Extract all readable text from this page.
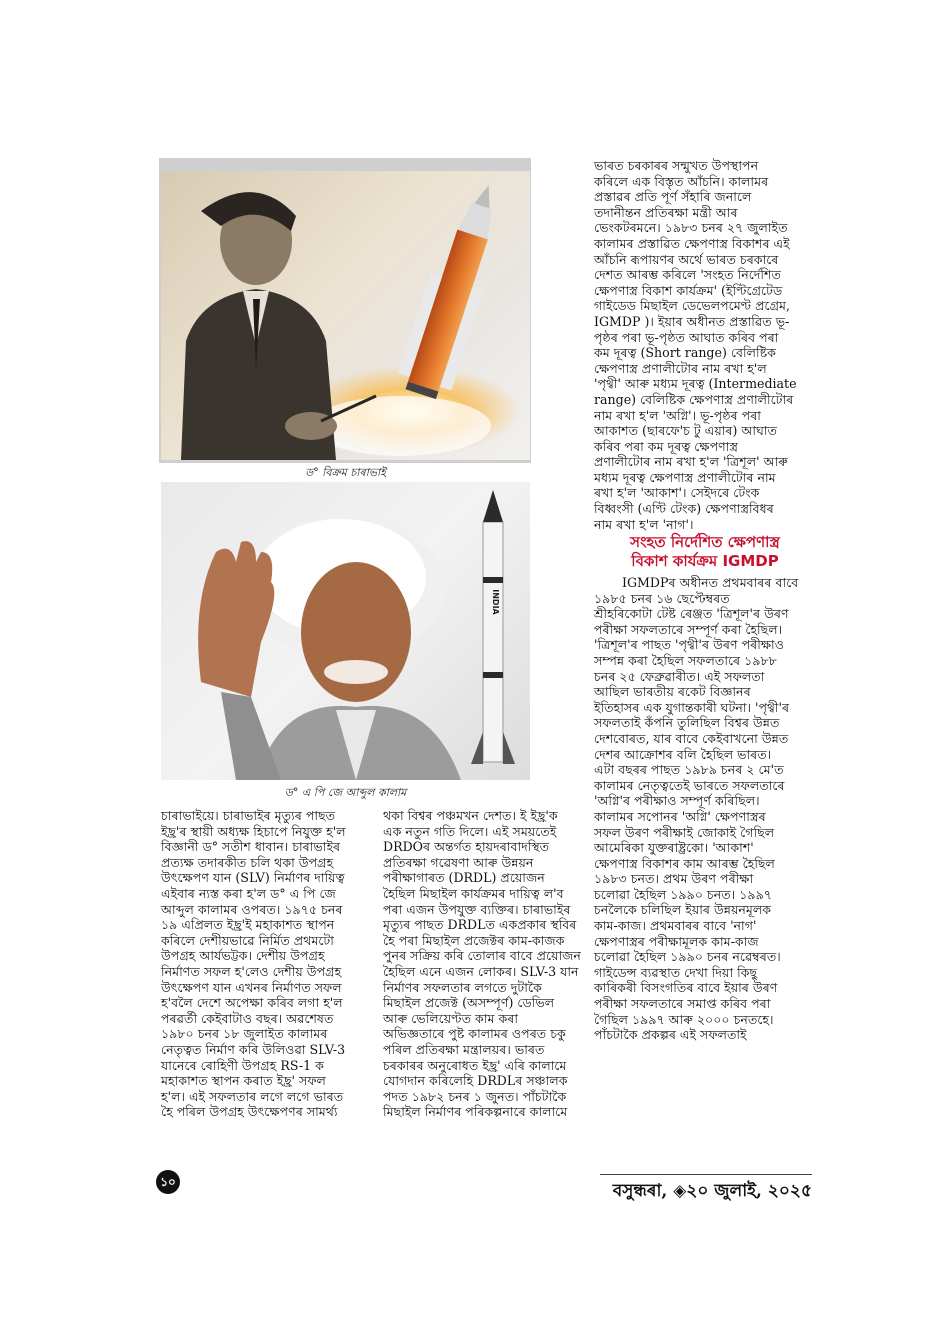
ড° বিক্ৰম চাৰাভাই
INDIA
ড° এ পি জে আব্দুল কালাম

ভাৰত চৰকাৰৰ সন্মুখত উপস্থাপন

কৰিলে এক বিস্তৃত আঁচনি। কালামৰ

প্ৰস্তাৱৰ প্ৰতি পূৰ্ণ সঁহাৰি জনালে

তদানীন্তন প্ৰতিৰক্ষা মন্ত্ৰী আৰ

ভেংকটৰমনে। ১৯৮৩ চনৰ ২৭ জুলাইত

কালামৰ প্ৰস্তাৱিত ক্ষেপণাস্ত্ৰ বিকাশৰ এই

আঁচনি ৰূপায়ণৰ অৰ্থে ভাৰত চৰকাৰে

দেশত আৰম্ভ কৰিলে 'সংহত নিৰ্দেশিত

ক্ষেপণাস্ত্ৰ বিকাশ কাৰ্যক্ৰম' (ইণ্টিগ্ৰেটেড

গাইডেড মিছাইল ডেভেলপমেণ্ট প্ৰগ্ৰেম,

IGMDP )। ইয়াৰ অধীনত প্ৰস্তাৱিত ভূ-

পৃষ্ঠৰ পৰা ভূ-পৃষ্ঠত আঘাত কৰিব পৰা

কম দূৰত্ব (Short range) বেলিষ্টিক

ক্ষেপণাস্ত্ৰ প্ৰণালীটোৰ নাম ৰখা হ'ল

'পৃথ্বী' আৰু মধ্যম দূৰত্ব (Intermediate

range) বেলিষ্টিক ক্ষেপণাস্ত্ৰ প্ৰণালীটোৰ

নাম ৰখা হ'ল 'অগ্নি'। ভূ-পৃষ্ঠৰ পৰা

আকাশত (ছাৰফে'চ টু এয়াৰ) আঘাত

কৰিব পৰা কম দূৰত্ব ক্ষেপণাস্ত্ৰ

প্ৰণালীটোৰ নাম ৰখা হ'ল 'ত্ৰিশূল' আৰু

মধ্যম দূৰত্ব ক্ষেপণাস্ত্ৰ প্ৰণালীটোৰ নাম

ৰখা হ'ল 'আকাশ'। সেইদৰে টেংক

বিধ্বংসী (এণ্টি টেংক) ক্ষেপণাস্ত্ৰবিধৰ

নাম ৰখা হ'ল 'নাগ'।

সংহত নিৰ্দেশিত ক্ষেপণাস্ত্ৰ
বিকাশ কাৰ্যক্ৰম IGMDP

IGMDPৰ অধীনত প্ৰথমবাৰৰ বাবে

১৯৮৫ চনৰ ১৬ ছেপ্টেম্বৰত

শ্ৰীহৰিকোটা টেষ্ট ৰেঞ্জত 'ত্ৰিশূল'ৰ উৰণ

পৰীক্ষা সফলতাৰে সম্পূৰ্ণ কৰা হৈছিল।

'ত্ৰিশূল'ৰ পাছত 'পৃথ্বী'ৰ উৰণ পৰীক্ষাও

সম্পন্ন কৰা হৈছিল সফলতাৰে ১৯৮৮

চনৰ ২৫ ফেব্ৰুৱাৰীত। এই সফলতা

আছিল ভাৰতীয় ৰকেট বিজ্ঞানৰ

ইতিহাসৰ এক যুগান্তকাৰী ঘটনা। 'পৃথ্বী'ৰ

সফলতাই কঁপনি তুলিছিল বিশ্বৰ উন্নত

দেশবোৰত, যাৰ বাবে কেইবাখনো উন্নত

দেশৰ আক্ৰোশৰ বলি হৈছিল ভাৰত।

এটা বছৰৰ পাছত ১৯৮৯ চনৰ ২ মে'ত

কালামৰ নেতৃত্বতেই ভাৰতে সফলতাৰে

'অগ্নি'ৰ পৰীক্ষাও সম্পূৰ্ণ কৰিছিল।

কালামৰ সপোনৰ 'অগ্নি' ক্ষেপণাস্ত্ৰৰ

সফল উৰণ পৰীক্ষাই জোকাই গৈছিল

আমেৰিকা যুক্তৰাষ্ট্ৰকো। 'আকাশ'

ক্ষেপণাস্ত্ৰ বিকাশৰ কাম আৰম্ভ হৈছিল

১৯৮৩ চনত। প্ৰথম উৰণ পৰীক্ষা

চলোৱা হৈছিল ১৯৯০ চনত। ১৯৯৭

চনলৈকে চলিছিল ইয়াৰ উন্নয়নমূলক

কাম-কাজ। প্ৰথমবাৰৰ বাবে 'নাগ'

ক্ষেপণাস্ত্ৰৰ পৰীক্ষামূলক কাম-কাজ

চলোৱা হৈছিল ১৯৯০ চনৰ নৱেম্বৰত।

গাইডেন্স ব্যৱস্থাত দেখা দিয়া কিছু

কাৰিকৰী বিসংগতিৰ বাবে ইয়াৰ উৰণ

পৰীক্ষা সফলতাৰে সমাপ্ত কৰিব পৰা

গৈছিল ১৯৯৭ আৰু ২০০০ চনতহে।

পাঁচটাকৈ প্ৰকল্পৰ এই সফলতাই

চাৰাভাইয়ে। চাৰাভাইৰ মৃত্যুৰ পাছত

ইছ্ৰ'ৰ স্থায়ী অধ্যক্ষ হিচাপে নিযুক্ত হ'ল

বিজ্ঞানী ড° সতীশ ধাবান। চাৰাভাইৰ

প্ৰত্যক্ষ তদাৰকীত চলি থকা উপগ্ৰহ

উৎক্ষেপণ যান (SLV) নিৰ্মাণৰ দায়িত্ব

এইবাৰ ন্যস্ত কৰা হ'ল ড° এ পি জে

আব্দুল কালামৰ ওপৰত। ১৯৭৫ চনৰ

১৯ এপ্ৰিলত ইছ্ৰ'ই মহাকাশত স্থাপন

কৰিলে দেশীয়ভাৱে নিৰ্মিত প্ৰথমটো

উপগ্ৰহ আৰ্যভট্টক। দেশীয় উপগ্ৰহ

নিৰ্মাণত সফল হ'লেও দেশীয় উপগ্ৰহ

উৎক্ষেপণ যান এখনৰ নিৰ্মাণত সফল

হ'বলৈ দেশে অপেক্ষা কৰিব লগা হ'ল

পৰৱৰ্তী কেইবাটাও বছৰ। অৱশেষত

১৯৮০ চনৰ ১৮ জুলাইত কালামৰ

নেতৃত্বত নিৰ্মাণ কৰি উলিওৱা SLV-3

যানেৰে ৰোহিণী উপগ্ৰহ RS-1 ক

মহাকাশত স্থাপন কৰাত ইছ্ৰ' সফল

হ'ল। এই সফলতাৰ লগে লগে ভাৰত

হৈ পৰিল উপগ্ৰহ উৎক্ষেপণৰ সামৰ্থ্য

থকা বিশ্বৰ পঞ্চমখন দেশত। ই ইছ্ৰ'ক

এক নতুন গতি দিলে। এই সময়তেই

DRDOৰ অন্তৰ্গত হায়দৰাবাদস্থিত

প্ৰতিৰক্ষা গৱেষণা আৰু উন্নয়ন

পৰীক্ষাগাৰত (DRDL) প্ৰয়োজন

হৈছিল মিছাইল কাৰ্যক্ৰমৰ দায়িত্ব ল'ব

পৰা এজন উপযুক্ত ব্যক্তিৰ। চাৰাভাইৰ

মৃত্যুৰ পাছত DRDLত একপ্ৰকাৰ স্থবিৰ

হৈ পৰা মিছাইল প্ৰজেক্টৰ কাম-কাজক

পুনৰ সক্ৰিয় কৰি তোলাৰ বাবে প্ৰয়োজন

হৈছিল এনে এজন লোকৰ। SLV-3 যান

নিৰ্মাণৰ সফলতাৰ লগতে দুটাকৈ

মিছাইল প্ৰজেক্ট (অসম্পূৰ্ণ) ডেভিল

আৰু ভেলিয়েণ্টত কাম কৰা

অভিজ্ঞতাৰে পুষ্ট কালামৰ ওপৰত চকু

পৰিল প্ৰতিৰক্ষা মন্ত্ৰালয়ৰ। ভাৰত

চৰকাৰৰ অনুৰোধত ইছ্ৰ' এৰি কালামে

যোগদান কৰিলেহি DRDLৰ সঞ্চালক

পদত ১৯৮২ চনৰ ১ জুনত। পাঁচটাকৈ

মিছাইল নিৰ্মাণৰ পৰিকল্পনাৰে কালামে

১০	বসুন্ধৰা, ◈২০ জুলাই, ২০২৫
